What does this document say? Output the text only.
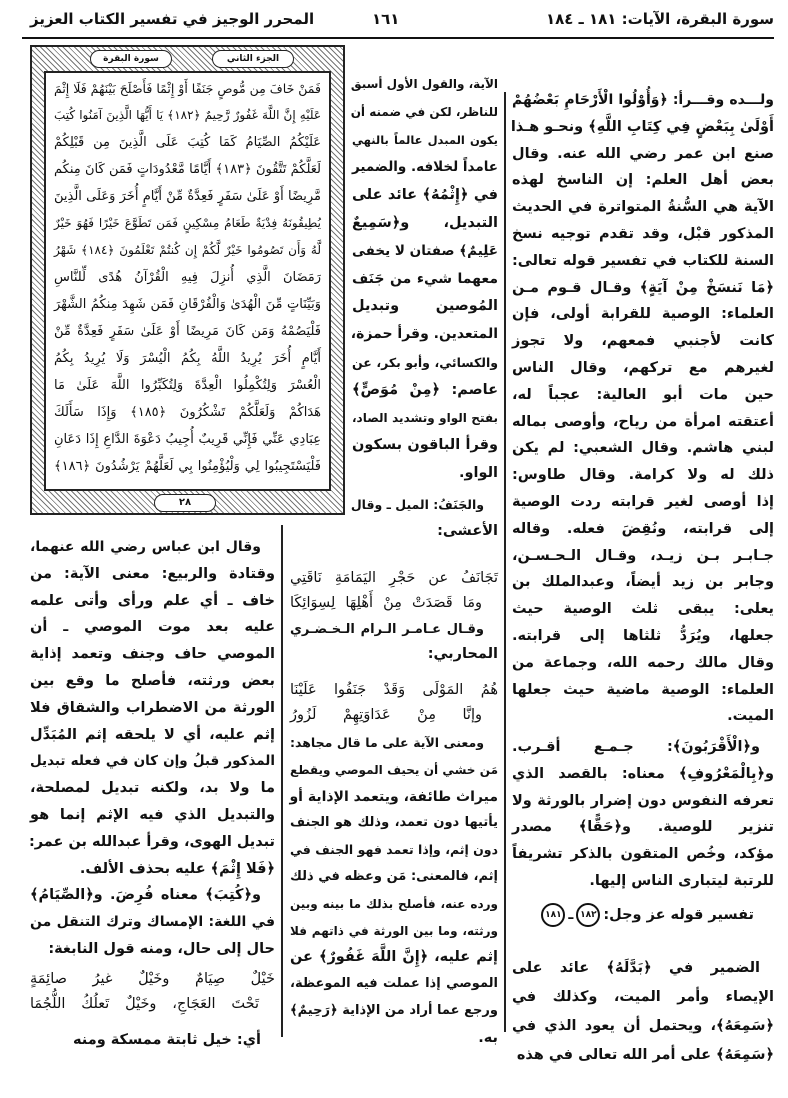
سورة البقرة، الآيات: ١٨١ ـ ١٨٤
١٦١
المحرر الوجيز في تفسير الكتاب العزيز
سورة البقرة	الجزء الثاني
فَمَنْ خَافَ مِن مُّوصٍ جَنَفًا أَوْ إِثْمًا فَأَصْلَحَ بَيْنَهُمْ فَلَا إِثْمَ
عَلَيْهِ إِنَّ اللَّهَ غَفُورٌ رَّحِيمٌ ﴿١٨٢﴾ يَا أَيُّهَا الَّذِينَ آمَنُوا كُتِبَ
عَلَيْكُمُ الصِّيَامُ كَمَا كُتِبَ عَلَى الَّذِينَ مِن قَبْلِكُمْ
لَعَلَّكُمْ تَتَّقُونَ ﴿١٨٣﴾ أَيَّامًا مَّعْدُودَاتٍ فَمَن كَانَ مِنكُم
مَّرِيضًا أَوْ عَلَىٰ سَفَرٍ فَعِدَّةٌ مِّنْ أَيَّامٍ أُخَرَ وَعَلَى الَّذِينَ
يُطِيقُونَهُ فِدْيَةٌ طَعَامُ مِسْكِينٍ فَمَن تَطَوَّعَ خَيْرًا فَهُوَ خَيْرٌ
لَّهُ وَأَن تَصُومُوا خَيْرٌ لَّكُمْ إِن كُنتُمْ تَعْلَمُونَ ﴿١٨٤﴾ شَهْرُ
رَمَضَانَ الَّذِي أُنزِلَ فِيهِ الْقُرْآنُ هُدًى لِّلنَّاسِ
وَبَيِّنَاتٍ مِّنَ الْهُدَىٰ وَالْفُرْقَانِ فَمَن شَهِدَ مِنكُمُ الشَّهْرَ
فَلْيَصُمْهُ وَمَن كَانَ مَرِيضًا أَوْ عَلَىٰ سَفَرٍ فَعِدَّةٌ مِّنْ
أَيَّامٍ أُخَرَ يُرِيدُ اللَّهُ بِكُمُ الْيُسْرَ وَلَا يُرِيدُ بِكُمُ
الْعُسْرَ وَلِتُكْمِلُوا الْعِدَّةَ وَلِتُكَبِّرُوا اللَّهَ عَلَىٰ مَا
هَدَاكُمْ وَلَعَلَّكُمْ تَشْكُرُونَ ﴿١٨٥﴾ وَإِذَا سَأَلَكَ
عِبَادِي عَنِّي فَإِنِّي قَرِيبٌ أُجِيبُ دَعْوَةَ الدَّاعِ إِذَا دَعَانِ
فَلْيَسْتَجِيبُوا لِي وَلْيُؤْمِنُوا بِي لَعَلَّهُمْ يَرْشُدُونَ ﴿١٨٦﴾
٢٨
ولـــده وقـــرأ: ﴿وَأُوْلُوا الْأَرْحَامِ بَعْضُهُمْ
أَوْلَىٰ بِبَعْضٍ فِي كِتَابِ اللَّهِ﴾ ونحـو هـذا
صنع ابن عمر رضي الله عنه. وقال
بعض أهل العلم: إن الناسخ لهذه
الآية هي السُّنةُ المتواترة في الحديث
المذكور قبْل، وقد تقدم توجيه نسخ
السنة للكتاب في تفسير قوله تعالى:
﴿مَا نَنسَخْ مِنْ آيَةٍ﴾ وقـال قـوم مـن
العلماء: الوصية للقرابة أولى، فإن
كانت لأجنبي فمعهم، ولا تجوز
لغيرهم مع تركهم، وقال الناس
حين مات أبو العالية: عجباً له،
أعتقته امرأة من رياح، وأوصى بماله
لبني هاشم. وقال الشعبي: لم يكن
ذلك له ولا كرامة. وقال طاوس:
إذا أوصى لغير قرابته ردت الوصية
إلى قرابته، ونُقِضَ فعله. وقاله
جـابـر بـن زيـد، وقـال الـحـسـن،
وجابر بن زيد أيضاً، وعبدالملك بن
يعلى: يبقى ثلث الوصية حيث
جعلها، ويُرَدُّ ثلثاها إلى قرابته.
وقال مالك رحمه الله، وجماعة من
العلماء: الوصية ماضية حيث جعلها
الميت.
و﴿الْأَقْرَبُونَ﴾: جـمـع أقـرب.
و﴿بِالْمَعْرُوفِ﴾ معناه: بالقصد الذي
تعرفه النفوس دون إضرار بالورثة ولا
تنزير للوصية. و﴿حَقًّا﴾ مصدر
مؤكد، وخُص المتقون بالذكر تشريفاً
للرتبة ليتبارى الناس إليها.
تفسير قوله عز وجل:١٨٢ـ١٨١
الضمير في ﴿بَدَّلَهُ﴾ عائد على
الإيصاء وأمر الميت، وكذلك في
﴿سَمِعَهُ﴾، ويحتمل أن يعود الذي في
﴿سَمِعَهُ﴾ على أمر الله تعالى في هذه
الآية، والقول الأول أسبق
للناظر، لكن في ضمنه أن
يكون المبدل عالماً بالنهي
عامداً لخلافه. والضمير
في ﴿إِثْمُهُ﴾ عائد على
التبديل، و﴿سَمِيعٌ
عَلِيمٌ﴾ صفتان لا يخفى
معهما شيء من جَنَف
المُوصين وتبديل
المتعدين. وقرأ حمزة،
والكسائي، وأبو بكر، عن
عاصم: ﴿مِنْ مُوَصٍّ﴾
بفتح الواو وتشديد الصاد،
وقرأ الباقون بسكون
الواو.
والجَنَفُ: الميل ـ وقال
الأعشى:
تَجَانَفُ عن حَجْرِ اليَمَامَةِ نَاقَتِي
ومَا قَصَدَتْ مِنْ أَهْلِهَا لِسِوَائِكَا
وقـال عـامـر الـرام الـخـضـري
المحاربي:
هُمُ المَوْلَى وَقَدْ جَنَفُوا عَلَيْنَا
وإنَّا مِنْ عَدَاوَتِهِمْ لَزُورُ
ومعنى الآية على ما قال مجاهد:
مَن خشي أن يحيف الموصي ويقطع
ميراث طائفة، ويتعمد الإذاية أو
يأتيها دون تعمد، وذلك هو الجنف
دون إثم، وإذا تعمد فهو الجنف في
إثم، فالمعنى: مَن وعظه في ذلك
ورده عنه، فأصلح بذلك ما بينه وبين
ورثته، وما بين الورثة في ذاتهم فلا
إثم عليه، ﴿إِنَّ اللَّهَ غَفُورٌ﴾ عن
الموصي إذا عملت فيه الموعظة،
ورجع عما أراد من الإذاية ﴿رَحِيمٌ﴾
به.
وقال ابن عباس رضي الله عنهما،
وقتادة والربيع: معنى الآية: من
خاف ـ أي علم ورأى وأتى علمه
عليه بعد موت الموصي ـ أن
الموصي حاف وجنف وتعمد إذاية
بعض ورثته، فأصلح ما وقع بين
الورثة من الاضطراب والشقاق فلا
إثم عليه، أي لا يلحقه إثم المُبَدِّل
المذكور قبلُ وإن كان في فعله تبديل
ما ولا بد، ولكنه تبديل لمصلحة،
والتبديل الذي فيه الإثم إنما هو
تبديل الهوى، وقرأ عبدالله بن عمر:
﴿فَلا إِثْمَ﴾ عليه بحذف الألف.
و﴿كُتِبَ﴾ معناه فُرِضَ. و﴿الصِّيَامُ﴾
في اللغة: الإمساك وترك التنقل من
حال إلى حال، ومنه قول النابغة:
خَيْلٌ صِيَامٌ وخَيْلٌ غيرُ صائِمَةٍ
تَحْتَ العَجَاجِ، وخَيْلٌ تَعلُكُ اللُّجُمَا
أي: خيل ثابتة ممسكة ومنه
